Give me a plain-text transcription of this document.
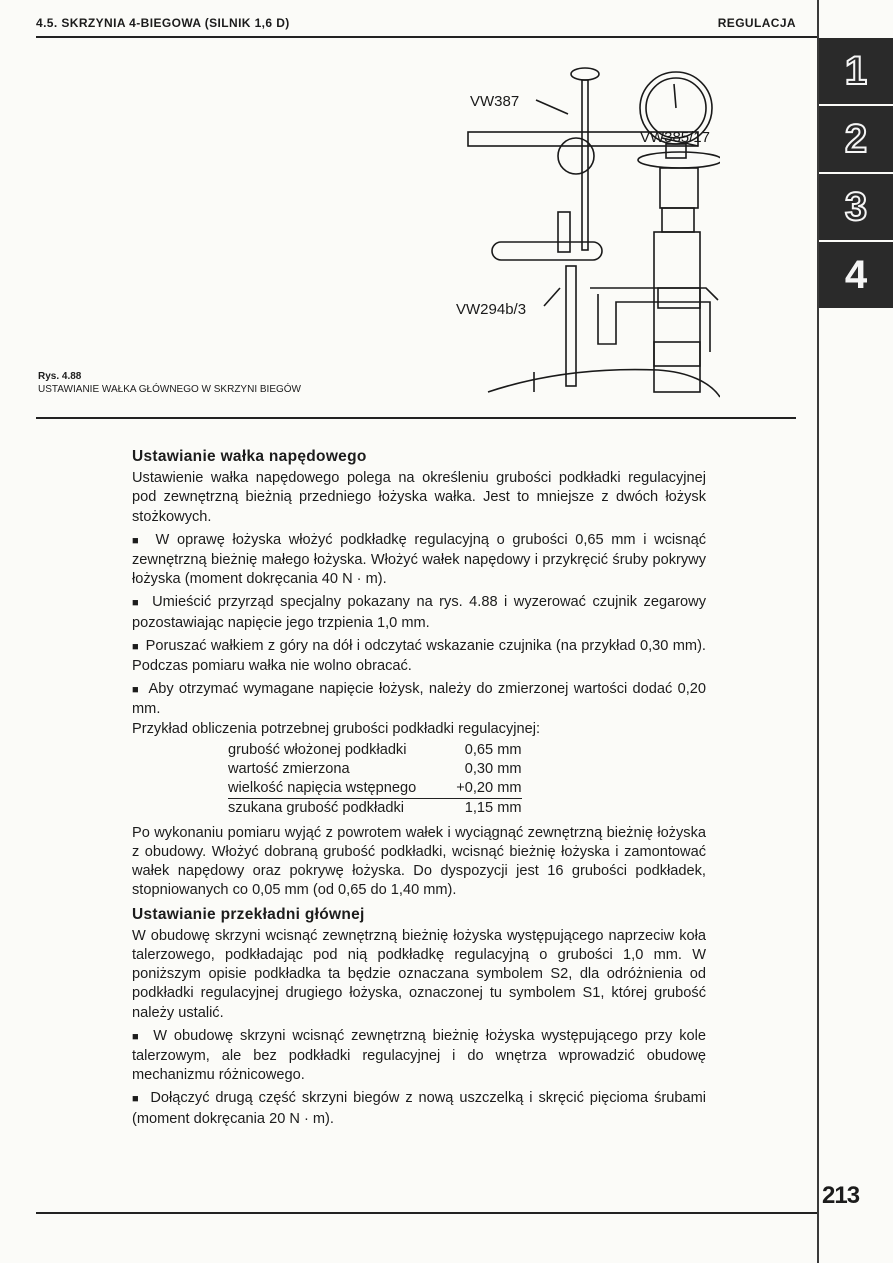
4.5. SKRZYNIA 4-BIEGOWA (SILNIK 1,6 D)	REGULACJA
1
2
3
4
VW387
VW385/17
VW294b/3
Rys. 4.88
USTAWIANIE WAŁKA GŁÓWNEGO W SKRZYNI BIEGÓW
Ustawianie wałka napędowego

Ustawienie wałka napędowego polega na określeniu grubości podkładki regulacyjnej pod zewnętrzną bieżnią przedniego łożyska wałka. Jest to mniejsze z dwóch łożysk stożkowych.

■  W oprawę łożyska włożyć podkładkę regulacyjną o grubości 0,65 mm i wcisnąć zewnętrzną bieżnię małego łożyska. Włożyć wałek napędowy i przykręcić śruby pokrywy łożyska (moment dokręcania 40 N · m).

■  Umieścić przyrząd specjalny pokazany na rys. 4.88 i wyzerować czujnik zegarowy pozostawiając napięcie jego trzpienia 1,0 mm.

■  Poruszać wałkiem z góry na dół i odczytać wskazanie czujnika (na przykład 0,30 mm). Podczas pomiaru wałka nie wolno obracać.

■  Aby otrzymać wymagane napięcie łożysk, należy do zmierzonej wartości dodać 0,20 mm.

Przykład obliczenia potrzebnej grubości podkładki regulacyjnej:

grubość włożonej podkładki	0,65 mm
wartość zmierzona	0,30 mm
wielkość napięcia wstępnego	+0,20 mm
szukana grubość podkładki	1,15 mm

Po wykonaniu pomiaru wyjąć z powrotem wałek i wyciągnąć zewnętrzną bieżnię łożyska z obudowy. Włożyć dobraną grubość podkładki, wcisnąć bieżnię łożyska i zamontować wałek napędowy oraz pokrywę łożyska. Do dyspozycji jest 16 grubości podkładek, stopniowanych co 0,05 mm (od 0,65 do 1,40 mm).

Ustawianie przekładni głównej

W obudowę skrzyni wcisnąć zewnętrzną bieżnię łożyska występującego naprzeciw koła talerzowego, podkładając pod nią podkładkę regulacyjną o grubości 1,0 mm. W poniższym opisie podkładka ta będzie oznaczana symbolem S2, dla odróżnienia od podkładki regulacyjnej drugiego łożyska, oznaczonej tu symbolem S1, której grubość należy ustalić.

■  W obudowę skrzyni wcisnąć zewnętrzną bieżnię łożyska występującego przy kole talerzowym, ale bez podkładki regulacyjnej i do wnętrza wprowadzić obudowę mechanizmu różnicowego.

■  Dołączyć drugą część skrzyni biegów z nową uszczelką i skręcić pięcioma śrubami (moment dokręcania 20 N · m).

213
